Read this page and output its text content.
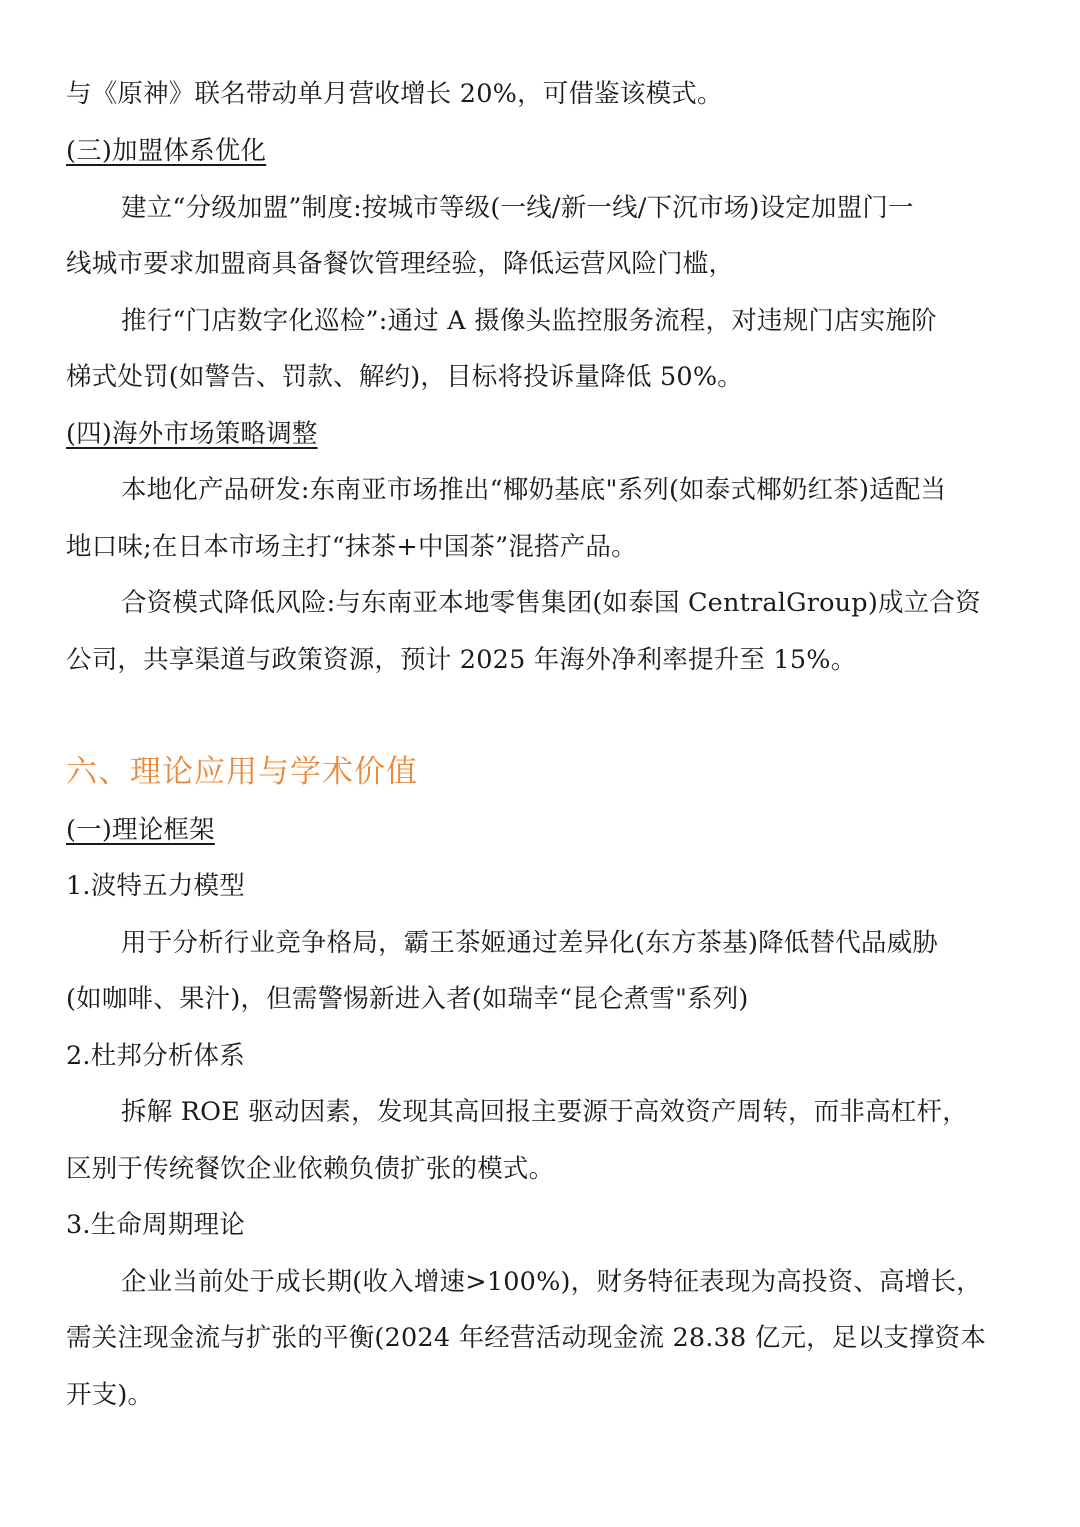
与《原神》联名带动单月营收增长 20%，可借鉴该模式。
(三)加盟体系优化
建立“分级加盟”制度:按城市等级(一线/新一线/下沉市场)设定加盟门一
线城市要求加盟商具备餐饮管理经验，降低运营风险门槛，
推行“门店数字化巡检”:通过 A 摄像头监控服务流程，对违规门店实施阶
梯式处罚(如警告、罚款、解约)，目标将投诉量降低 50%。
(四)海外市场策略调整
本地化产品研发:东南亚市场推出“椰奶基底"系列(如泰式椰奶红茶)适配当
地口味;在日本市场主打“抹茶+中国茶”混搭产品。
合资模式降低风险:与东南亚本地零售集团(如泰国 CentralGroup)成立合资
公司，共享渠道与政策资源，预计 2025 年海外净利率提升至 15%。
六、理论应用与学术价值
(一)理论框架
1.波特五力模型
用于分析行业竞争格局，霸王茶姬通过差异化(东方茶基)降低替代品威胁
(如咖啡、果汁)，但需警惕新进入者(如瑞幸“昆仑煮雪"系列)
2.杜邦分析体系
拆解 ROE 驱动因素，发现其高回报主要源于高效资产周转，而非高杠杆，
区别于传统餐饮企业依赖负债扩张的模式。
3.生命周期理论
企业当前处于成长期(收入增速>100%)，财务特征表现为高投资、高增长，
需关注现金流与扩张的平衡(2024 年经营活动现金流 28.38 亿元，足以支撑资本
开支)。
